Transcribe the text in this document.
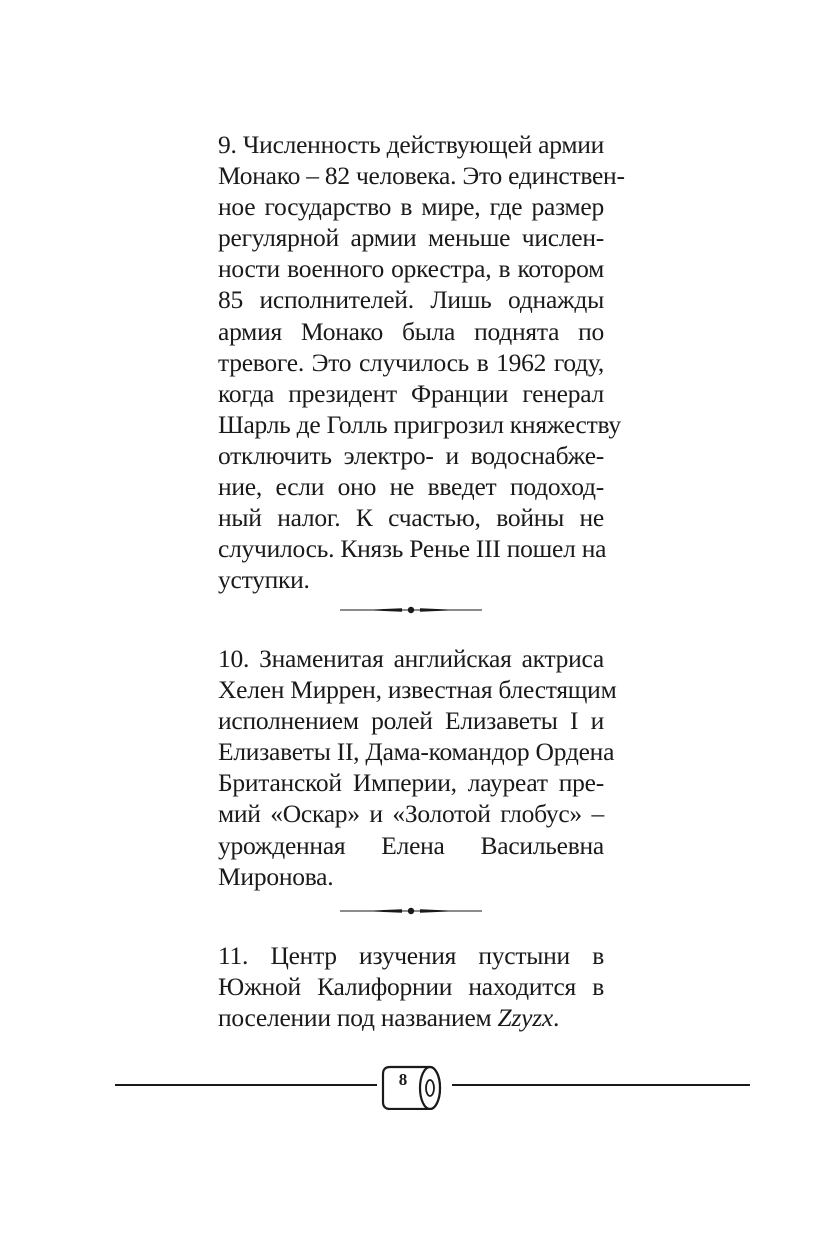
9. Численность действующей армии
Монако – 82 человека. Это единствен-
ное государство в мире, где размер
регулярной армии меньше числен-
ности военного оркестра, в котором
85 исполнителей. Лишь однажды
армия Монако была поднята по
тревоге. Это случилось в 1962 году,
когда президент Франции генерал
Шарль де Голль пригрозил княжеству
отключить электро- и водоснабже-
ние, если оно не введет подоход-
ный налог. К счастью, войны не
случилось. Князь Ренье III пошел на
уступки.

10. Знаменитая английская актриса
Хелен Миррен, известная блестящим
исполнением ролей Елизаветы I и
Елизаветы II, Дама-командор Ордена
Британской Империи, лауреат пре-
мий «Оскар» и «Золотой глобус» –
урожденная Елена Васильевна
Миронова.

11. Центр изучения пустыни в
Южной Калифорнии находится в
поселении под названием Zzyzx.

8
